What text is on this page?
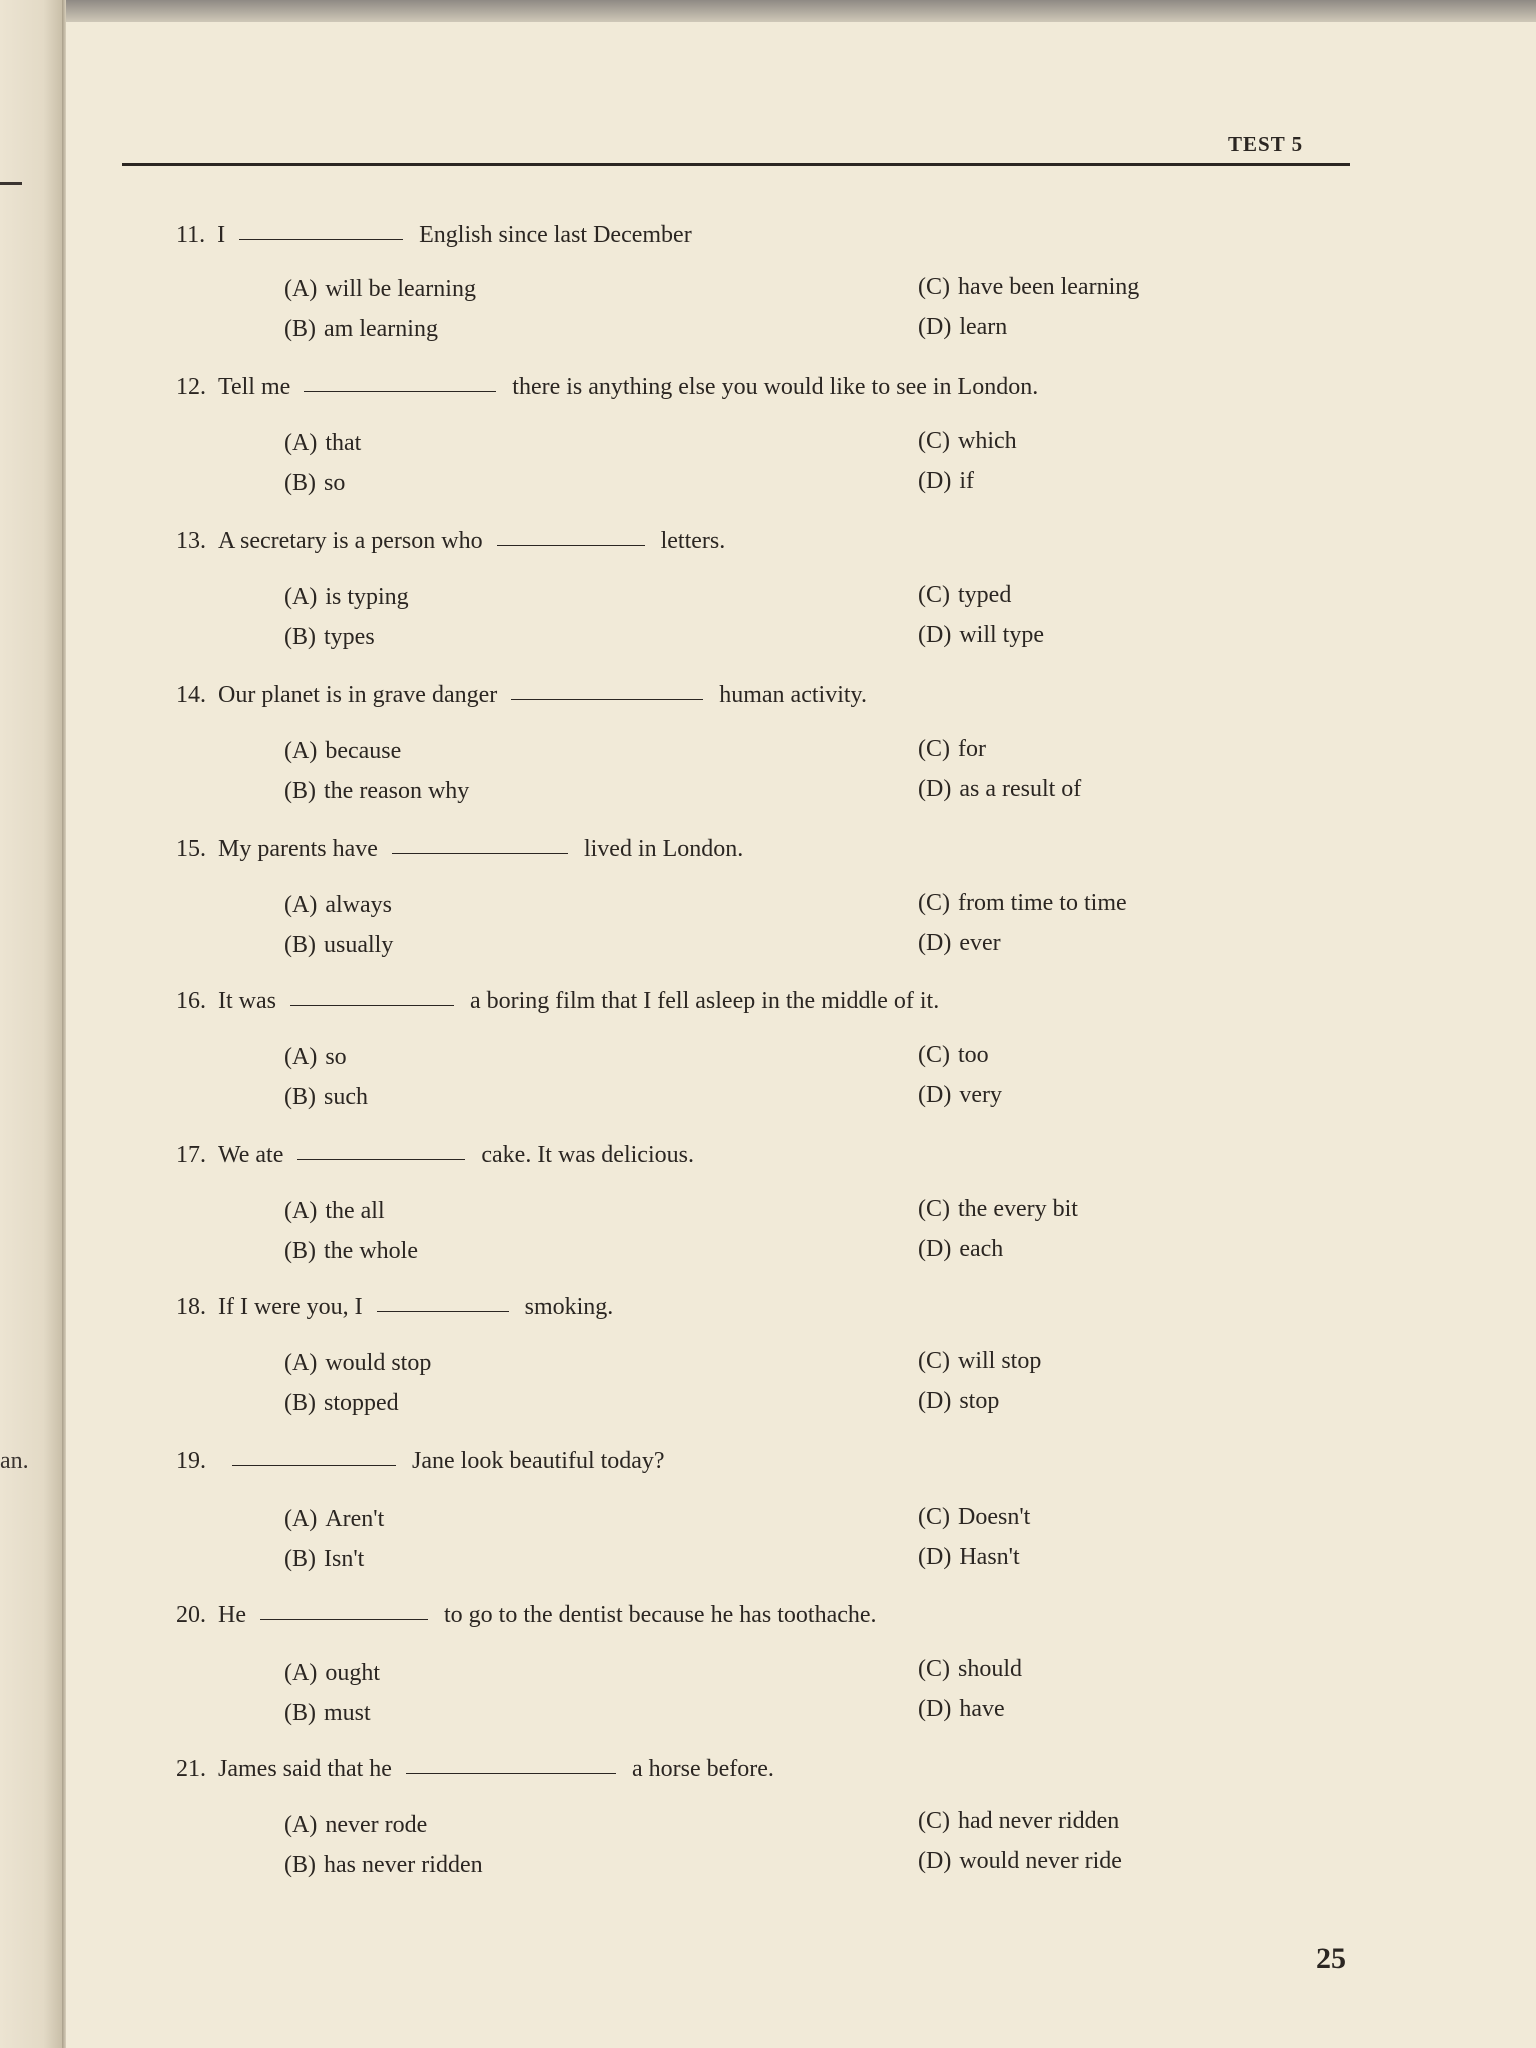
an.
TEST 5
11. I	English since last December
(A) will be learning
(B) am learning
(C) have been learning
(D) learn
12. Tell me	there is anything else you would like to see in London.
(A) that
(B) so
(C) which
(D) if
13. A secretary is a person who	letters.
(A) is typing
(B) types
(C) typed
(D) will type
14. Our planet is in grave danger	human activity.
(A) because
(B) the reason why
(C) for
(D) as a result of
15. My parents have	lived in London.
(A) always
(B) usually
(C) from time to time
(D) ever
16. It was	a boring film that I fell asleep in the middle of it.
(A) so
(B) such
(C) too
(D) very
17. We ate	cake. It was delicious.
(A) the all
(B) the whole
(C) the every bit
(D) each
18. If I were you, I	smoking.
(A) would stop
(B) stopped
(C) will stop
(D) stop
19.	Jane look beautiful today?
(A) Aren't
(B) Isn't
(C) Doesn't
(D) Hasn't
20. He	to go to the dentist because he has toothache.
(A) ought
(B) must
(C) should
(D) have
21. James said that he	a horse before.
(A) never rode
(B) has never ridden
(C) had never ridden
(D) would never ride
25
